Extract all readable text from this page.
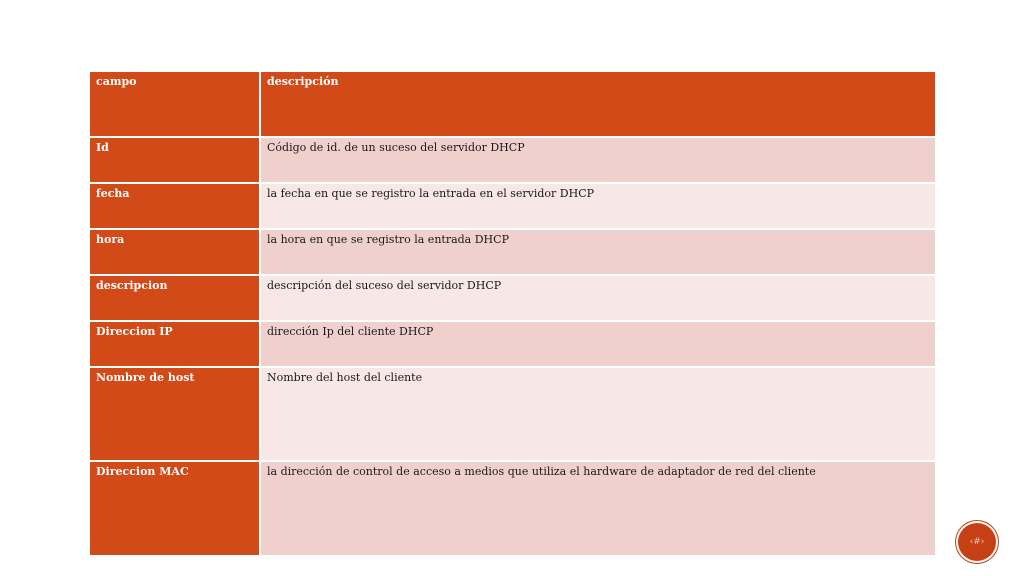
campo	descripción
Id	Código de id. de un suceso del servidor DHCP
fecha	la fecha en que se registro la entrada en el servidor DHCP
hora	la hora en que se registro la entrada DHCP
descripcion	descripción del suceso del servidor DHCP
Direccion IP	dirección Ip del cliente DHCP
Nombre de host	Nombre del host del cliente
Direccion MAC	la dirección de control de acceso a medios que utiliza el hardware de adaptador de red del cliente
‹#›
